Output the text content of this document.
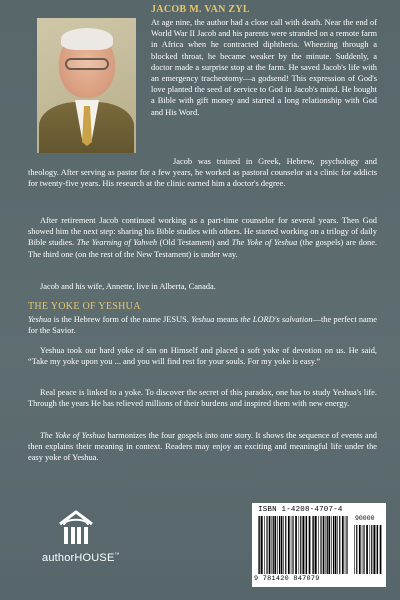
JACOB M. VAN ZYL

At age nine, the author had a close call with death. Near the end of World War II Jacob and his parents were stranded on a remote farm in Africa when he contracted diphtheria. Wheezing through a blocked throat, he became weaker by the minute. Suddenly, a doctor made a surprise stop at the farm. He saved Jacob's life with an emergency tracheotomy—a godsend! This expression of God's love planted the seed of service to God in Jacob's mind. He bought a Bible with gift money and started a long relationship with God and His Word.

Jacob was trained in Greek, Hebrew, psychology and theology. After serving as pastor for a few years, he worked as pastoral counselor at a clinic for addicts for twenty-five years. His research at the clinic earned him a doctor's degree.

After retirement Jacob continued working as a part-time counselor for several years. Then God showed him the next step: sharing his Bible studies with others. He started working on a trilogy of daily Bible studies. The Yearning of Yahveh (Old Testament) and The Yoke of Yeshua (the gospels) are done. The third one (on the rest of the New Testament) is under way.

Jacob and his wife, Annette, live in Alberta, Canada.

THE YOKE OF YESHUA

Yeshua is the Hebrew form of the name JESUS. Yeshua means the LORD's salvation—the perfect name for the Savior.

Yeshua took our hard yoke of sin on Himself and placed a soft yoke of devotion on us. He said, “Take my yoke upon you ... and you will find rest for your souls. For my yoke is easy.”

Real peace is linked to a yoke. To discover the secret of this paradox, one has to study Yeshua's life. Through the years He has relieved millions of their burdens and inspired them with new energy.

The Yoke of Yeshua harmonizes the four gospels into one story. It shows the sequence of events and then explains their meaning in context. Readers may enjoy an exciting and meaningful life under the easy yoke of Yeshua.

authorHOUSE™
ISBN 1-4208-4707-4
90000
9 781420 847079
